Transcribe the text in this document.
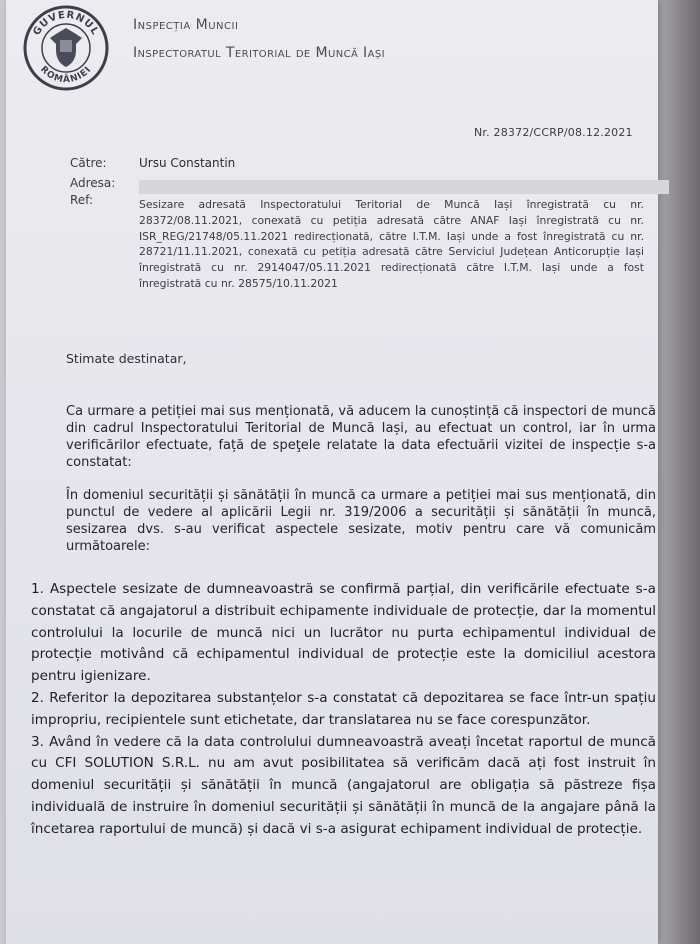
GUVERNUL
ROMÂNIEI
Inspecția Muncii
Inspectoratul Teritorial de Muncă Iași
Nr. 28372/CCRP/08.12.2021
Către:	Ursu Constantin
Adresa:
Ref:	Sesizare adresată Inspectoratului Teritorial de Muncă Iași înregistrată cu nr. 28372/08.11.2021, conexată cu petiția adresată către ANAF Iași înregistrată cu nr. ISR_REG/21748/05.11.2021 redirecționată, către I.T.M. Iași unde a fost înregistrată cu nr. 28721/11.11.2021, conexată cu petiția adresată către Serviciul Județean Anticorupție Iași înregistrată cu nr. 2914047/05.11.2021 redirecționată către I.T.M. Iași unde a fost înregistrată cu nr. 28575/10.11.2021
Stimate destinatar,
Ca urmare a petiției mai sus menționată, vă aducem la cunoștință că inspectori de muncă din cadrul Inspectoratului Teritorial de Muncă Iași, au efectuat un control, iar în urma verificărilor efectuate, față de speţele relatate la data efectuării vizitei de inspecție s-a constatat:
În domeniul securității și sănătății în muncă ca urmare a petiției mai sus menționată, din punctul de vedere al aplicării Legii nr. 319/2006 a securității și sănătății în muncă, sesizarea dvs. s-au verificat aspectele sesizate, motiv pentru care vă comunicăm următoarele:

1. Aspectele sesizate de dumneavoastră se confirmă parțial, din verificările efectuate s-a constatat că angajatorul a distribuit echipamente individuale de protecție, dar la momentul controlului la locurile de muncă nici un lucrător nu purta echipamentul individual de protecție motivând că echipamentul individual de protecție este la domiciliul acestora pentru igienizare.

2. Referitor la depozitarea substanțelor s-a constatat că depozitarea se face într-un spațiu impropriu, recipientele sunt etichetate, dar translatarea nu se face corespunzător.

3. Având în vedere că la data controlului dumneavoastră aveați încetat raportul de muncă cu CFI SOLUTION S.R.L. nu am avut posibilitatea să verificăm dacă ați fost instruit în domeniul securității și sănătății în muncă (angajatorul are obligația să păstreze fișa individuală de instruire în domeniul securității și sănătății în muncă de la angajare până la încetarea raportului de muncă) și dacă vi s-a asigurat echipament individual de protecție.
